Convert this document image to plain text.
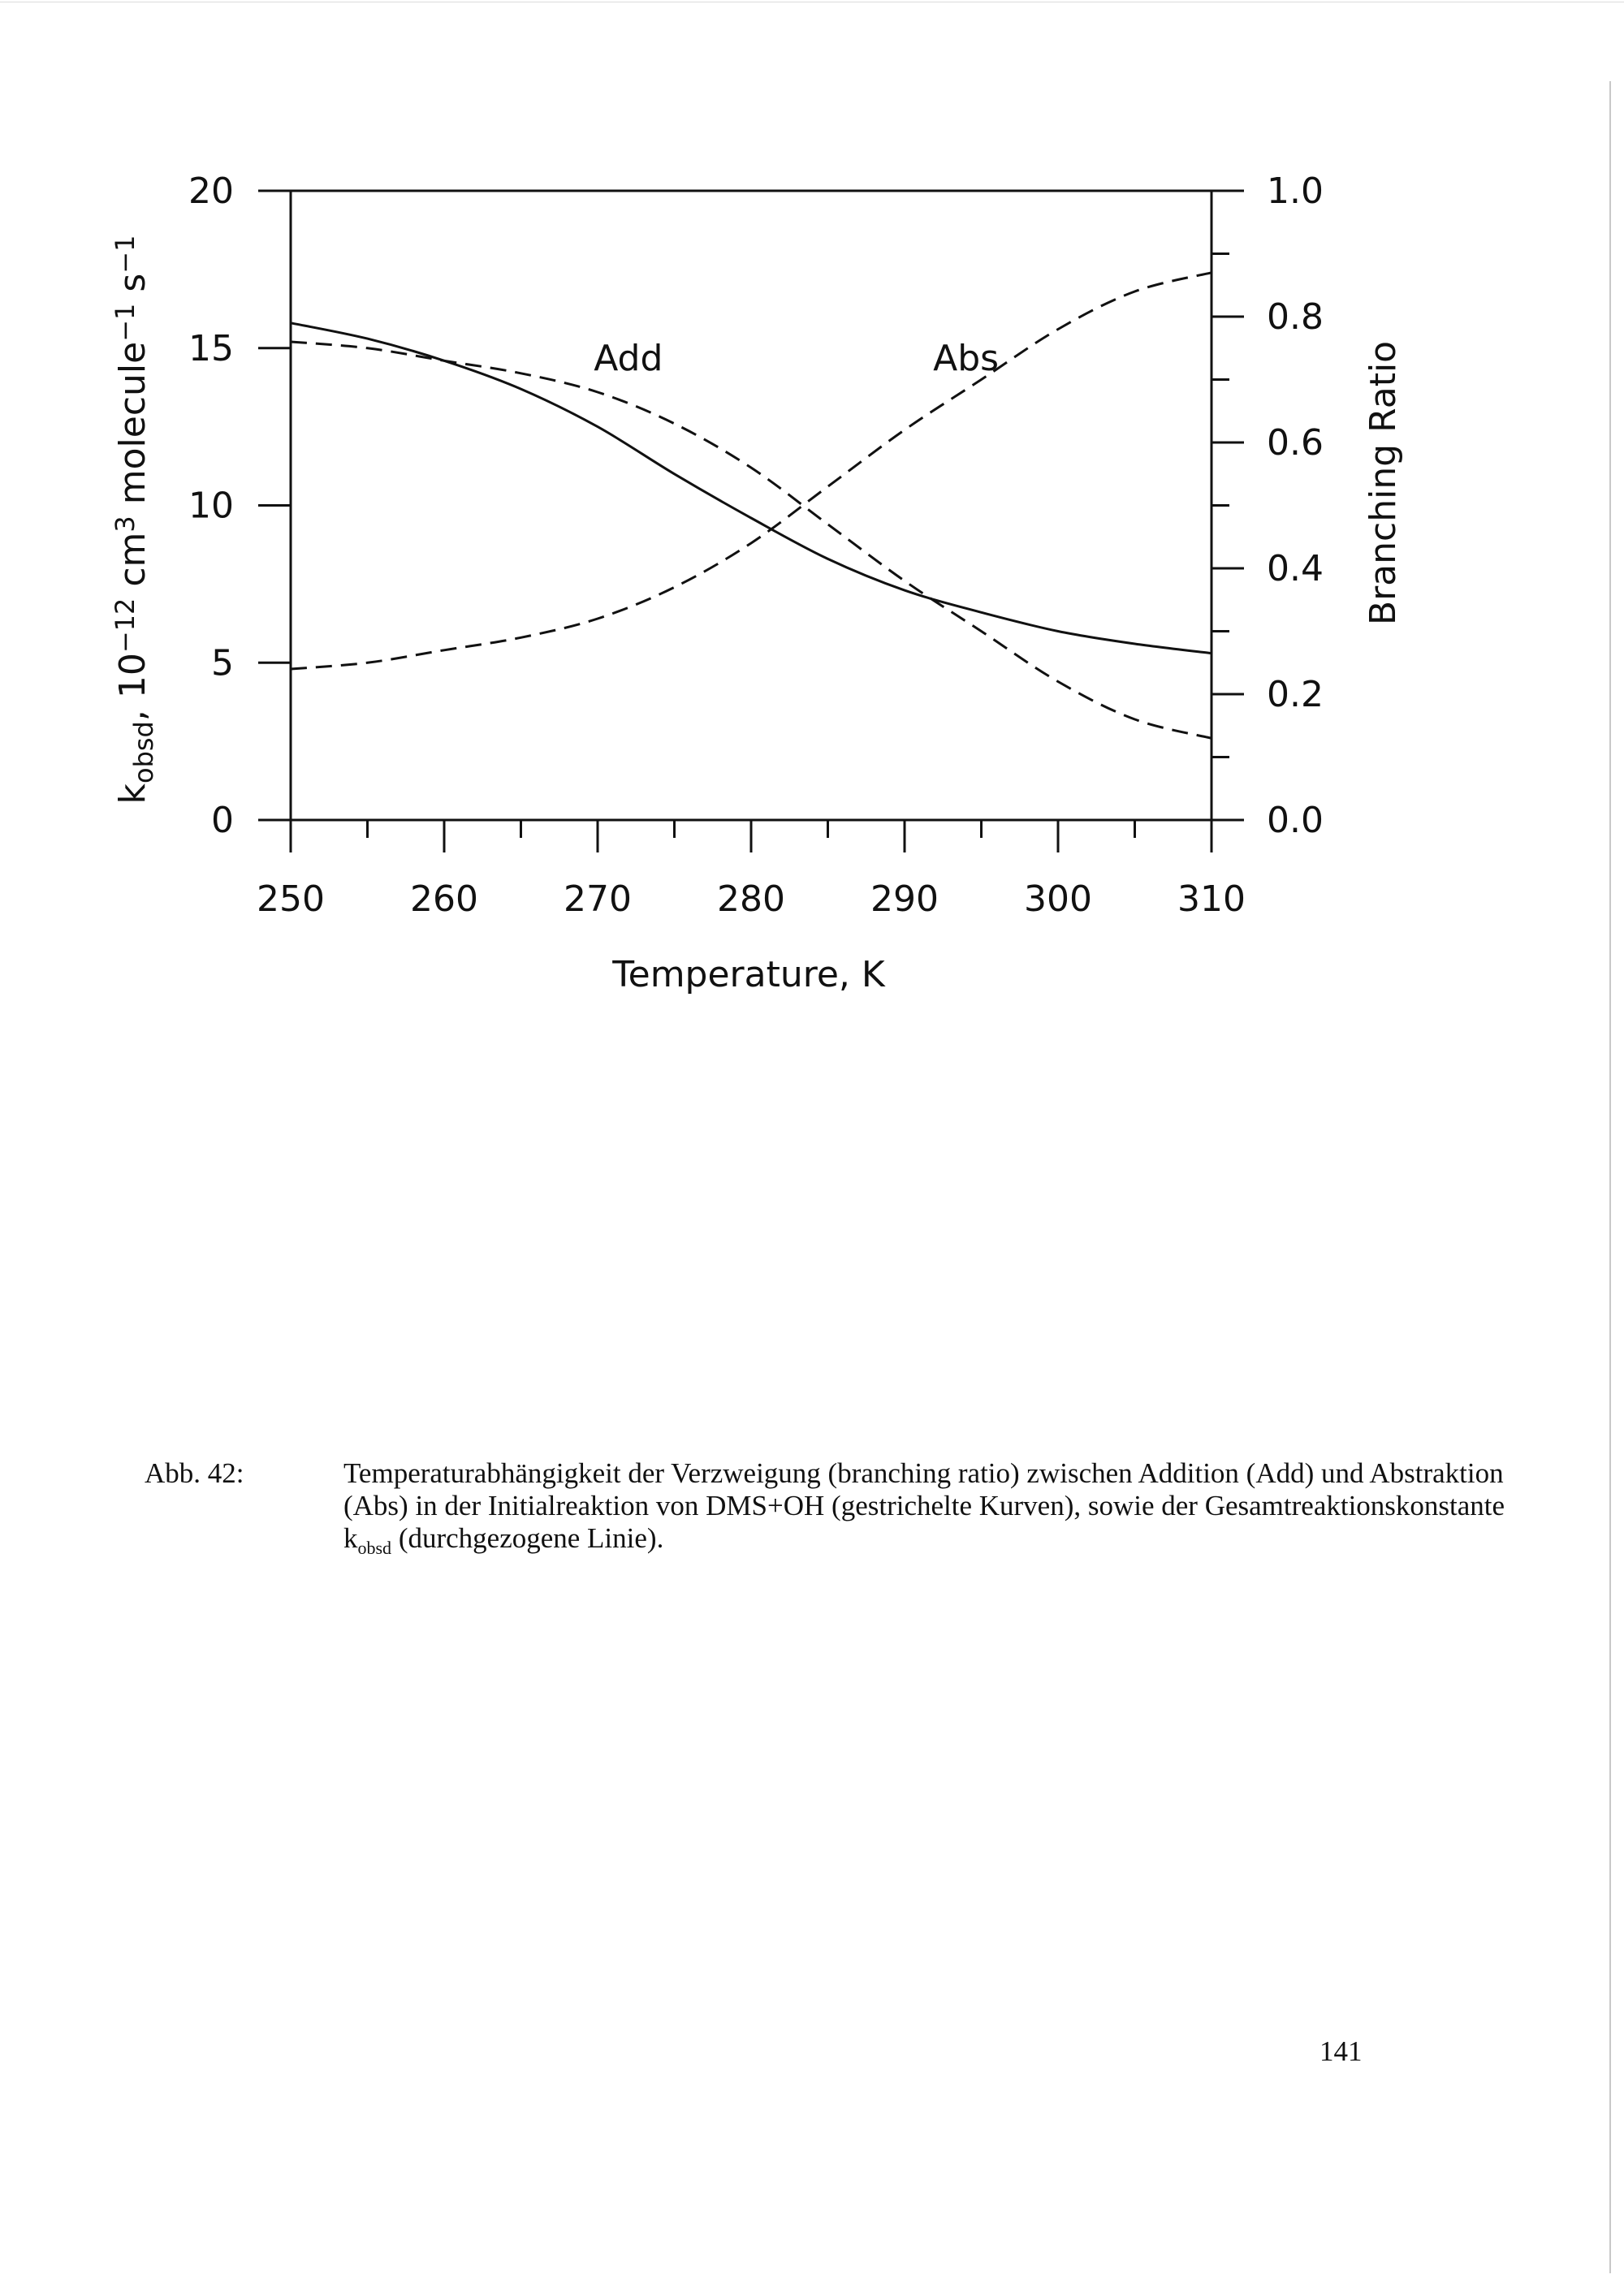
250 260 270 280 290 300 310
0
5
10
15
20
0.0
0.2
0.4
0.6
0.8
1.0
Add	Abs
Temperature, K
kobsd, 10−12 cm3 molecule−1 s−1
Branching Ratio
Abb. 42:	Temperaturabhängigkeit der Verzweigung (branching ratio) zwischen Addition (Add) und Abstraktion (Abs) in der Initialreaktion von DMS+OH (gestrichelte Kurven), sowie der Gesamtreaktionskonstante $k_{obsd}$ (durchgezogene Linie).
141
